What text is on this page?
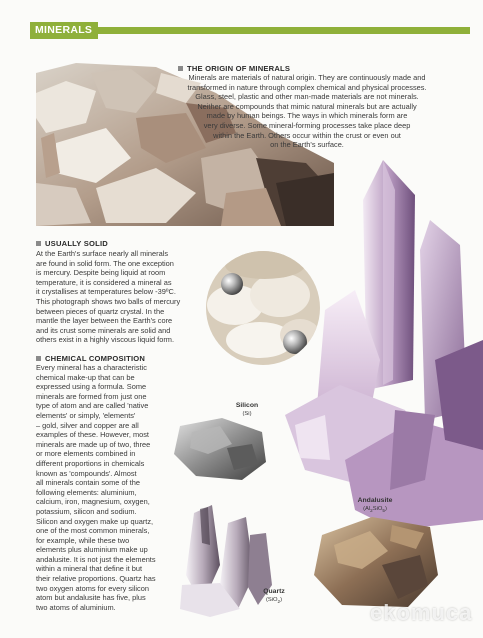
MINERALS
THE ORIGIN OF MINERALS

Minerals are materials of natural origin. They are continuously made and
transformed in nature through complex chemical and physical processes.
Glass, steel, plastic and other man-made materials are not minerals.
Neither are compounds that mimic natural minerals but are actually
made by human beings. The ways in which minerals form are
very diverse. Some mineral-forming processes take place deep
within the Earth. Others occur within the crust or even out
on the Earth's surface.

USUALLY SOLID

At the Earth's surface nearly all minerals
are found in solid form. The one exception
is mercury. Despite being liquid at room
temperature, it is considered a mineral as
it crystallises at temperatures below -39ºC.
This photograph shows two balls of mercury
between pieces of quartz crystal. In the
mantle the layer between the Earth's core
and its crust some minerals are solid and
others exist in a highly viscous liquid form.

CHEMICAL COMPOSITION

Every mineral has a characteristic
chemical make-up that can be
expressed using a formula. Some
minerals are formed from just one
type of atom and are called 'native
elements' or simply, 'elements'
– gold, silver and copper are all
examples of these. However, most
minerals are made up of two, three
or more elements combined in
different proportions in chemicals
known as 'compounds'. Almost
all minerals contain some of the
following elements: aluminium,
calcium, iron, magnesium, oxygen,
potassium, silicon and sodium.
Silicon and oxygen make up quartz,
one of the most common minerals,
for example, while these two
elements plus aluminium make up
andalusite. It is not just the elements
within a mineral that define it but
their relative proportions. Quartz has
two oxygen atoms for every silicon
atom but andalusite has five, plus
two atoms of aluminium.

Silicon
(Si)
Andalusite
$(Al_2SiO_5)$
Quartz
(SiO$_2$)	ekomuca
